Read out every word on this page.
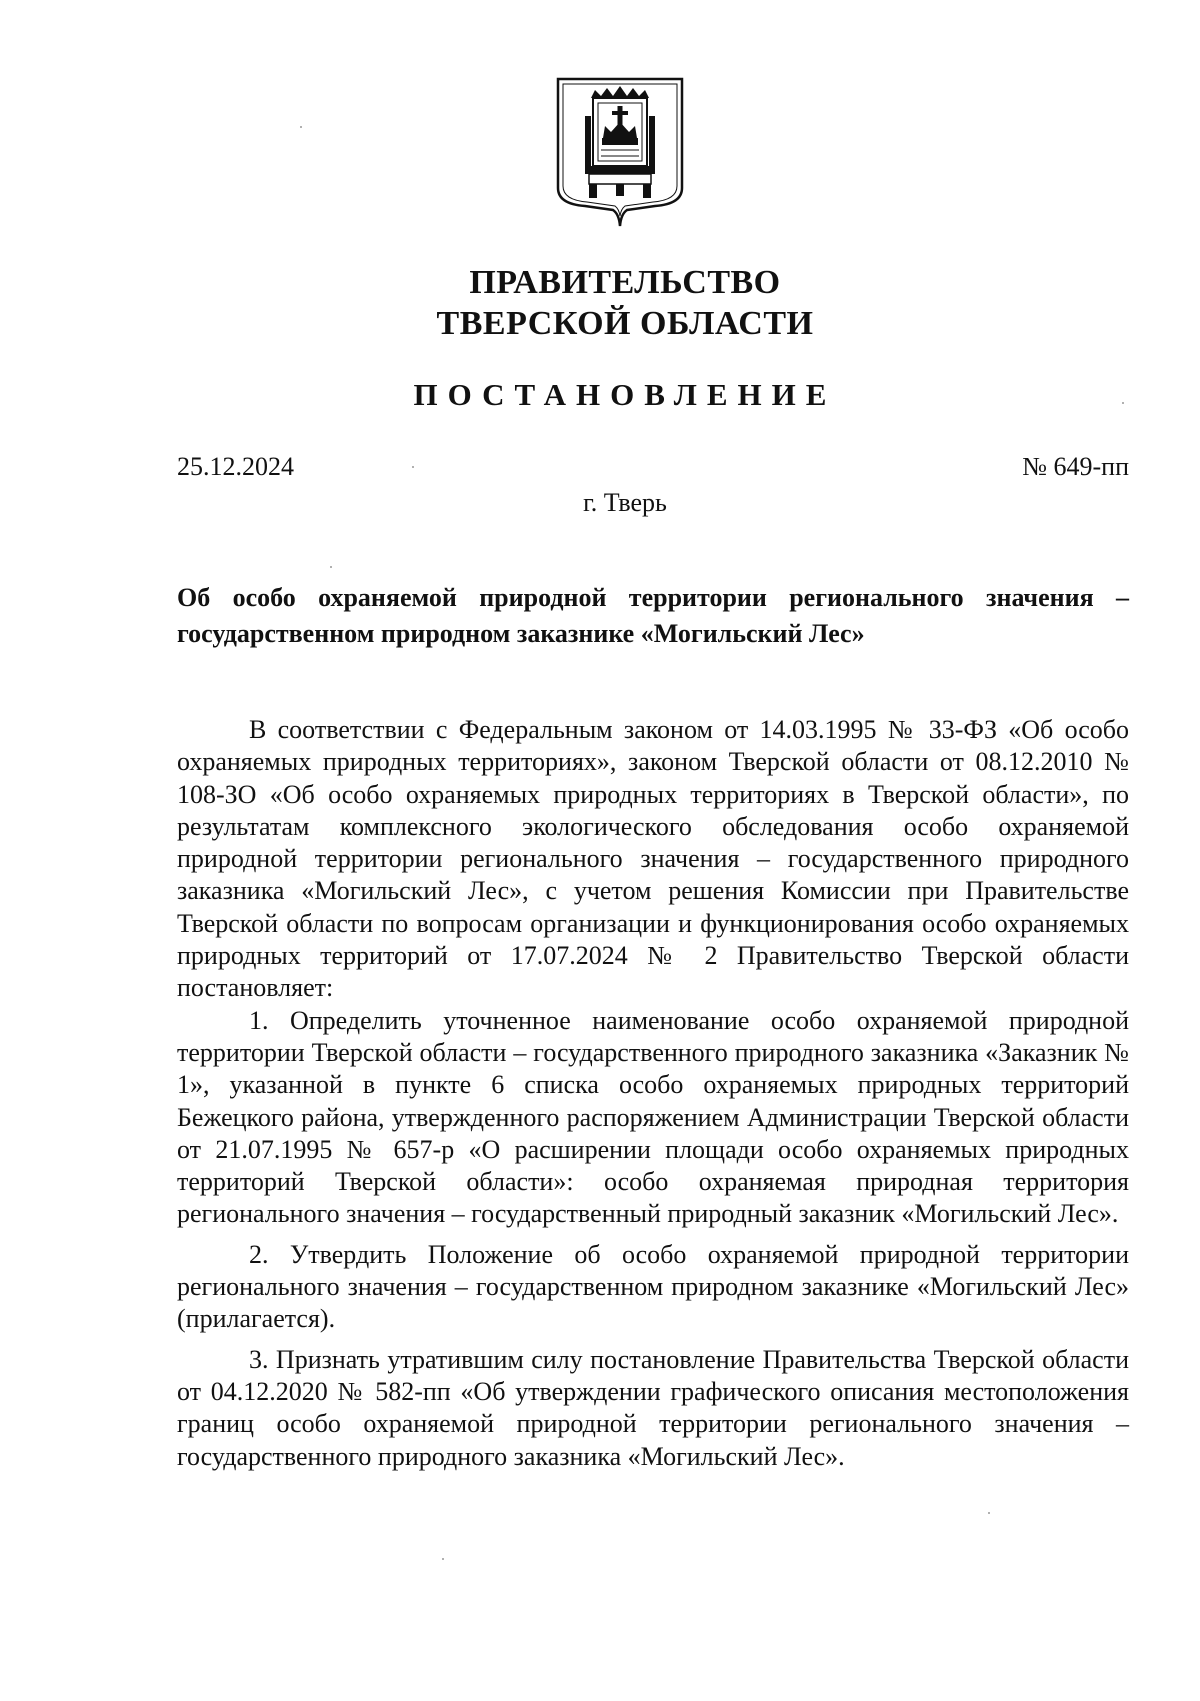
ПРАВИТЕЛЬСТВО
ТВЕРСКОЙ ОБЛАСТИ
ПОСТАНОВЛЕНИЕ
25.12.2024	№ 649-пп
г. Тверь
Об особо охраняемой природной территории регионального значения – государственном природном заказнике «Могильский Лес»

В соответствии с Федеральным законом от 14.03.1995 № 33-ФЗ «Об особо охраняемых природных территориях», законом Тверской области от 08.12.2010 № 108-ЗО «Об особо охраняемых природных территориях в Тверской области», по результатам комплексного экологического обследования особо охраняемой природной территории регионального значения – государственного природного заказника «Могильский Лес», с учетом решения Комиссии при Правительстве Тверской области по вопросам организации и функционирования особо охраняемых природных территорий от 17.07.2024 № 2 Правительство Тверской области постановляет:

1. Определить уточненное наименование особо охраняемой природной территории Тверской области – государственного природного заказника «Заказник № 1», указанной в пункте 6 списка особо охраняемых природных территорий Бежецкого района, утвержденного распоряжением Администрации Тверской области от 21.07.1995 № 657-р «О расширении площади особо охраняемых природных территорий Тверской области»: особо охраняемая природная территория регионального значения – государственный природный заказник «Могильский Лес».

2. Утвердить Положение об особо охраняемой природной территории регионального значения – государственном природном заказнике «Могильский Лес» (прилагается).

3. Признать утратившим силу постановление Правительства Тверской области от 04.12.2020 № 582-пп «Об утверждении графического описания местоположения границ особо охраняемой природной территории регионального значения – государственного природного заказника «Могильский Лес».
